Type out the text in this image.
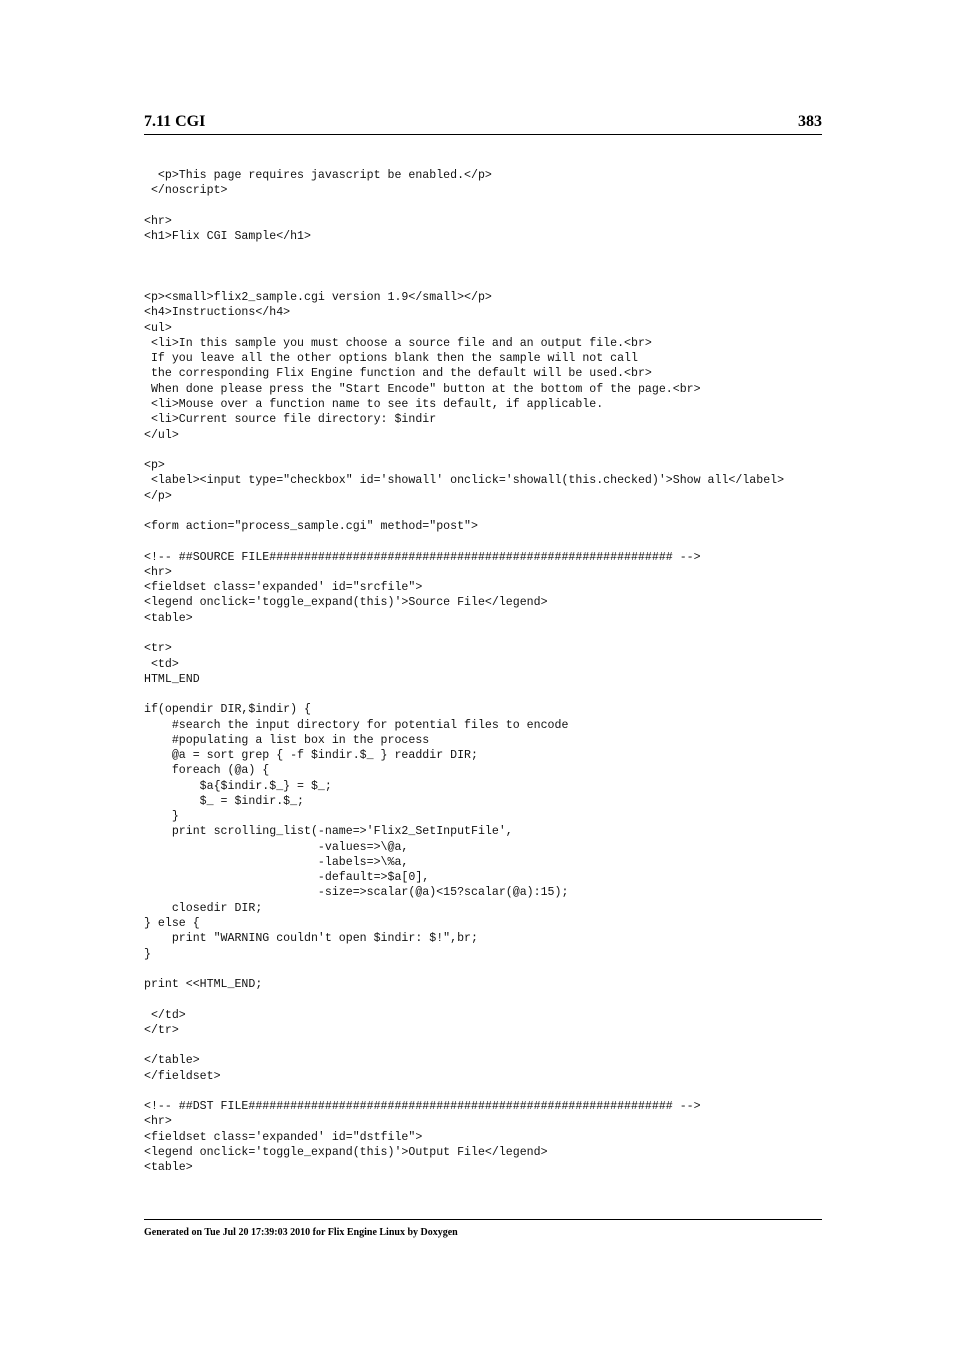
7.11 CGI	383
<p>This page requires javascript be enabled.</p>
</noscript>
<hr>
<h1>Flix CGI Sample</h1>
<p><small>flix2_sample.cgi version 1.9</small></p>
<h4>Instructions</h4>
<ul>
<li>In this sample you must choose a source file and an output file.<br>
If you leave all the other options blank then the sample will not call
the corresponding Flix Engine function and the default will be used.<br>
When done please press the "Start Encode" button at the bottom of the page.<br>
<li>Mouse over a function name to see its default, if applicable.
<li>Current source file directory: $indir
</ul>
<p>
<label><input type="checkbox" id='showall' onclick='showall(this.checked)'>Show all</label>
</p>
<form action="process_sample.cgi" method="post">
<!-- ##SOURCE FILE########################################################## -->
<hr>
<fieldset class='expanded' id="srcfile">
<legend onclick='toggle_expand(this)'>Source File</legend>
<table>
<tr>
<td>
HTML_END
if(opendir DIR,$indir) {
#search the input directory for potential files to encode
#populating a list box in the process
@a = sort grep { -f $indir.$_ } readdir DIR;
foreach (@a) {
$a{$indir.$_} = $_;
$_ = $indir.$_;
}
print scrolling_list(-name=>'Flix2_SetInputFile',
-values=>\@a,
-labels=>\%a,
-default=>$a[0],
-size=>scalar(@a)<15?scalar(@a):15);
closedir DIR;
} else {
print "WARNING couldn't open $indir: $!",br;
}
print <<HTML_END;
</td>
</tr>
</table>
</fieldset>
<!-- ##DST FILE############################################################# -->
<hr>
<fieldset class='expanded' id="dstfile">
<legend onclick='toggle_expand(this)'>Output File</legend>
<table>
Generated on Tue Jul 20 17:39:03 2010 for Flix Engine Linux by Doxygen
